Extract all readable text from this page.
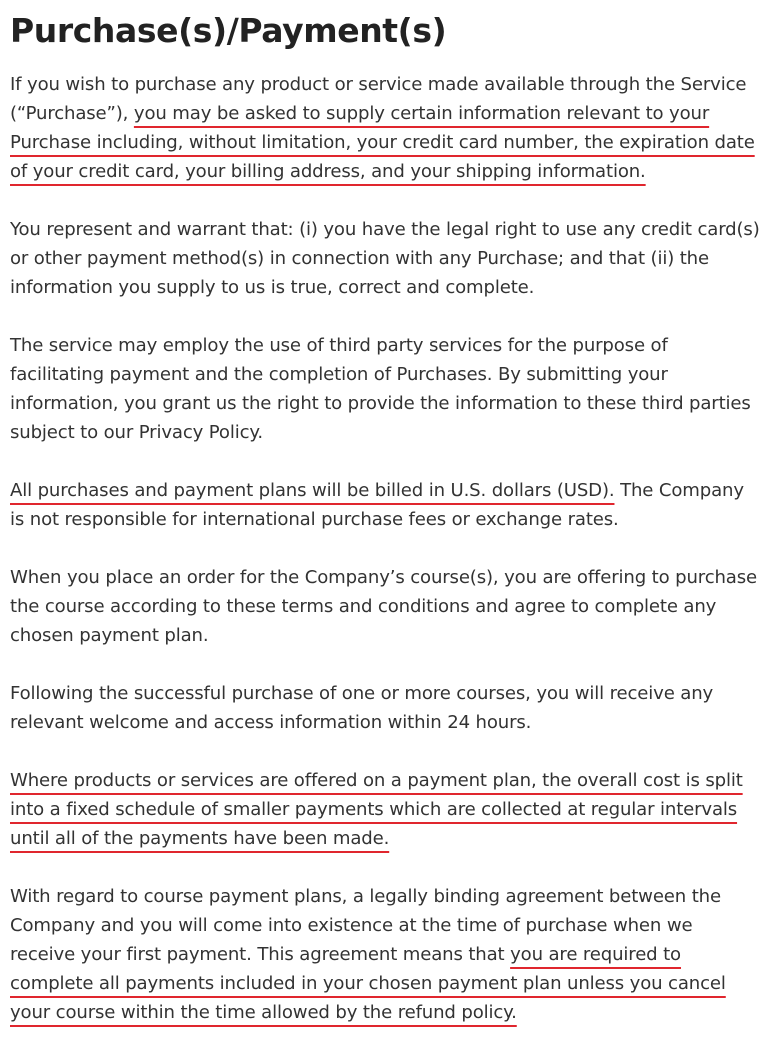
Purchase(s)/Payment(s)

If you wish to purchase any product or service made available through the Service (“Purchase”), you may be asked to supply certain information relevant to your Purchase including, without limitation, your credit card number, the expiration date of your credit card, your billing address, and your shipping information.

You represent and warrant that: (i) you have the legal right to use any credit card(s) or other payment method(s) in connection with any Purchase; and that (ii) the information you supply to us is true, correct and complete.

The service may employ the use of third party services for the purpose of facilitating payment and the completion of Purchases. By submitting your information, you grant us the right to provide the information to these third parties subject to our Privacy Policy.

All purchases and payment plans will be billed in U.S. dollars (USD). The Company is not responsible for international purchase fees or exchange rates.

When you place an order for the Company’s course(s), you are offering to purchase the course according to these terms and conditions and agree to complete any chosen payment plan.

Following the successful purchase of one or more courses, you will receive any relevant welcome and access information within 24 hours.

Where products or services are offered on a payment plan, the overall cost is split into a fixed schedule of smaller payments which are collected at regular intervals until all of the payments have been made.

With regard to course payment plans, a legally binding agreement between the Company and you will come into existence at the time of purchase when we receive your first payment. This agreement means that you are required to complete all payments included in your chosen payment plan unless you cancel your course within the time allowed by the refund policy.
